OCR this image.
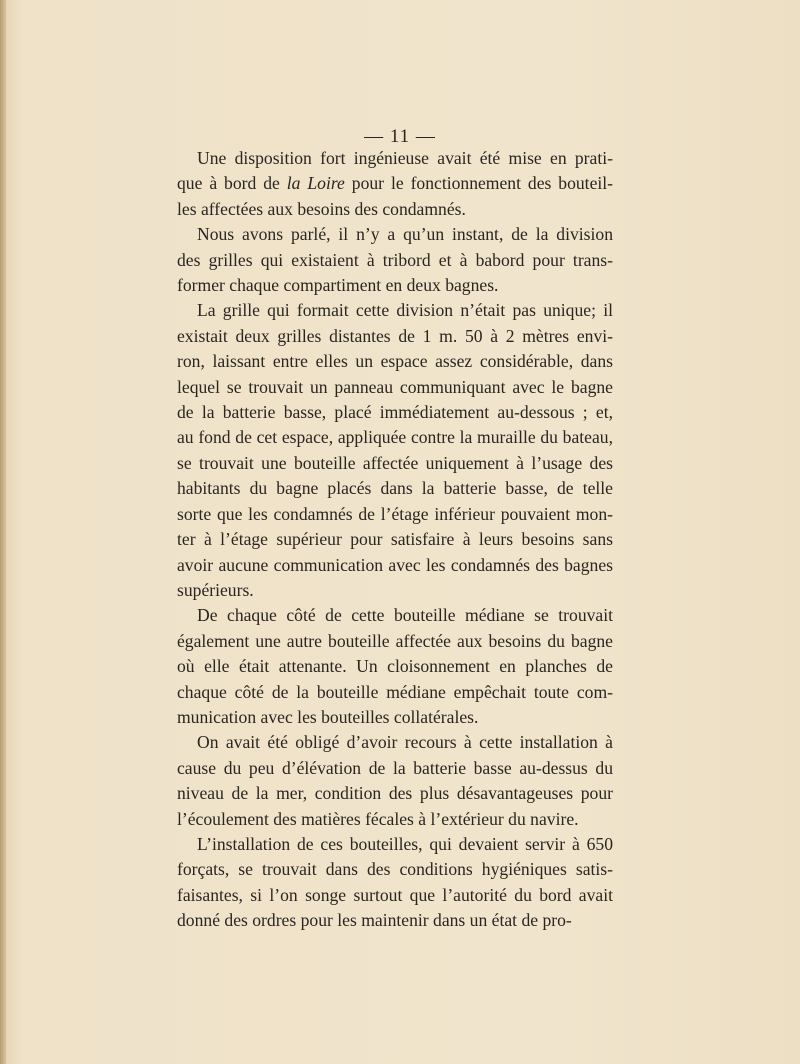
— 11 —
Une disposition fort ingénieuse avait été mise en prati-
que à bord de la Loire pour le fonctionnement des bouteil-
les affectées aux besoins des condamnés.
Nous avons parlé, il n’y a qu’un instant, de la division
des grilles qui existaient à tribord et à babord pour trans-
former chaque compartiment en deux bagnes.
La grille qui formait cette division n’était pas unique; il
existait deux grilles distantes de 1 m. 50 à 2 mètres envi-
ron, laissant entre elles un espace assez considérable, dans
lequel se trouvait un panneau communiquant avec le bagne
de la batterie basse, placé immédiatement au-dessous ; et,
au fond de cet espace, appliquée contre la muraille du bateau,
se trouvait une bouteille affectée uniquement à l’usage des
habitants du bagne placés dans la batterie basse, de telle
sorte que les condamnés de l’étage inférieur pouvaient mon-
ter à l’étage supérieur pour satisfaire à leurs besoins sans
avoir aucune communication avec les condamnés des bagnes
supérieurs.
De chaque côté de cette bouteille médiane se trouvait
également une autre bouteille affectée aux besoins du bagne
où elle était attenante. Un cloisonnement en planches de
chaque côté de la bouteille médiane empêchait toute com-
munication avec les bouteilles collatérales.
On avait été obligé d’avoir recours à cette installation à
cause du peu d’élévation de la batterie basse au-dessus du
niveau de la mer, condition des plus désavantageuses pour
l’écoulement des matières fécales à l’extérieur du navire.
L’installation de ces bouteilles, qui devaient servir à 650
forçats, se trouvait dans des conditions hygiéniques satis-
faisantes, si l’on songe surtout que l’autorité du bord avait
donné des ordres pour les maintenir dans un état de pro-
